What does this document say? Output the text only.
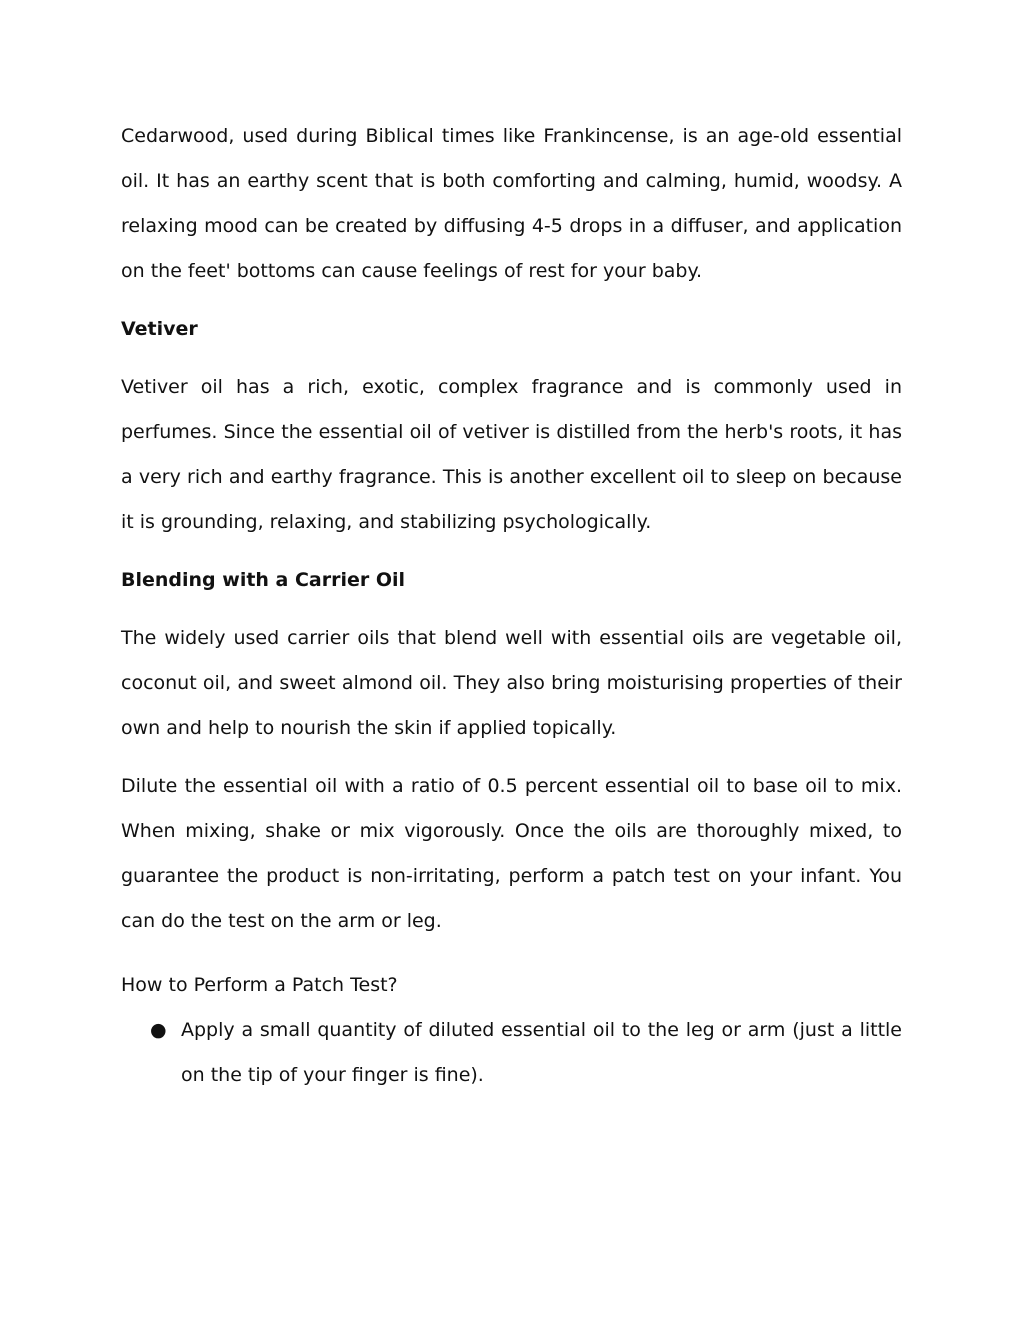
Cedarwood, used during Biblical times like Frankincense, is an age-old essential oil. It has an earthy scent that is both comforting and calming, humid, woodsy. A relaxing mood can be created by diffusing 4-5 drops in a diffuser, and application on the feet' bottoms can cause feelings of rest for your baby.

Vetiver

Vetiver oil has a rich, exotic, complex fragrance and is commonly used in perfumes. Since the essential oil of vetiver is distilled from the herb's roots, it has a very rich and earthy fragrance. This is another excellent oil to sleep on because it is grounding, relaxing, and stabilizing psychologically.

Blending with a Carrier Oil

The widely used carrier oils that blend well with essential oils are vegetable oil, coconut oil, and sweet almond oil. They also bring moisturising properties of their own and help to nourish the skin if applied topically.

Dilute the essential oil with a ratio of 0.5 percent essential oil to base oil to mix. When mixing, shake or mix vigorously. Once the oils are thoroughly mixed, to guarantee the product is non-irritating, perform a patch test on your infant. You can do the test on the arm or leg.

How to Perform a Patch Test?

● Apply a small quantity of diluted essential oil to the leg or arm (just a little on the tip of your finger is fine).
